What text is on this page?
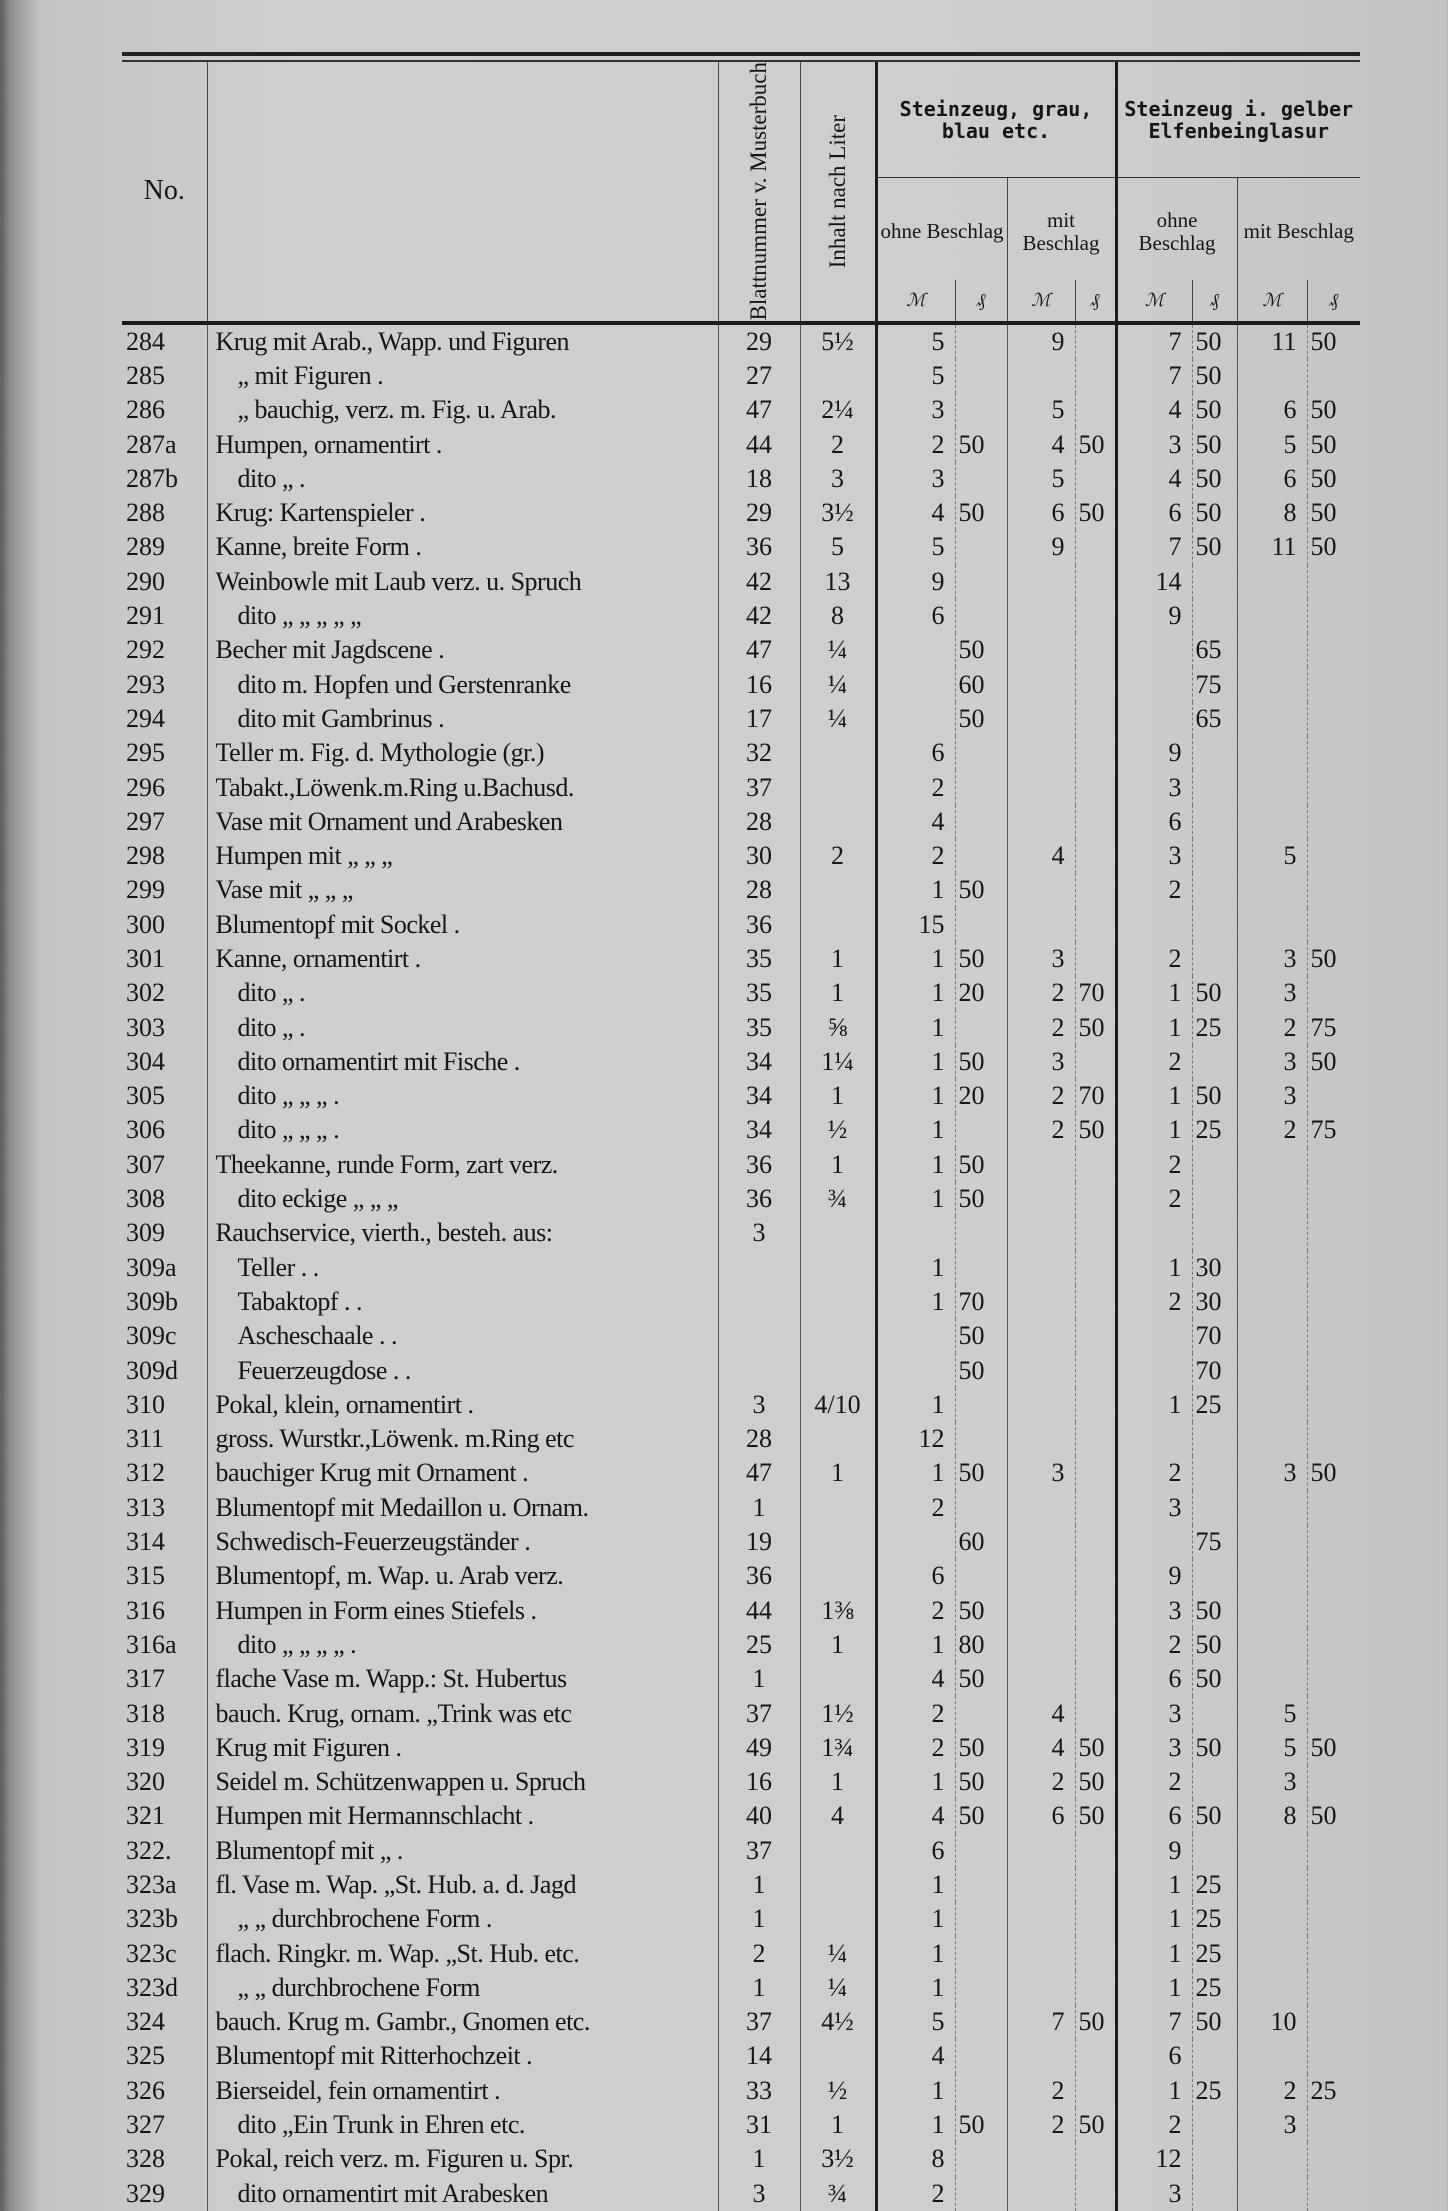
No.		Blattnummer v. Musterbuch	Inhalt nach Liter	Steinzeug, grau, blau etc.				Steinzeug i. gelber Elfenbeinglasur			
				ohne Beschlag		mit Beschlag		ohne Beschlag		mit Beschlag	
				ℳ	₰	ℳ	₰	ℳ	₰	ℳ	₰
284	Krug mit Arab., Wapp. und Figuren	29	5½	5		9		7	50	11	50
285	„ mit Figuren .	27		5				7	50		
286	„ bauchig, verz. m. Fig. u. Arab.	47	2¼	3		5		4	50	6	50
287a	Humpen, ornamentirt .	44	2	2	50	4	50	3	50	5	50
287b	dito „ .	18	3	3		5		4	50	6	50
288	Krug: Kartenspieler .	29	3½	4	50	6	50	6	50	8	50
289	Kanne, breite Form .	36	5	5		9		7	50	11	50
290	Weinbowle mit Laub verz. u. Spruch	42	13	9				14			
291	dito „ „ „ „ „	42	8	6				9			
292	Becher mit Jagdscene .	47	¼		50				65		
293	dito m. Hopfen und Gerstenranke	16	¼		60				75		
294	dito mit Gambrinus .	17	¼		50				65		
295	Teller m. Fig. d. Mythologie (gr.)	32		6				9			
296	Tabakt.,Löwenk.m.Ring u.Bachusd.	37		2				3			
297	Vase mit Ornament und Arabesken	28		4				6			
298	Humpen mit „ „ „	30	2	2		4		3		5	
299	Vase mit „ „ „	28		1	50			2			
300	Blumentopf mit Sockel .	36		15							
301	Kanne, ornamentirt .	35	1	1	50	3		2		3	50
302	dito „ .	35	1	1	20	2	70	1	50	3	
303	dito „ .	35	⅝	1		2	50	1	25	2	75
304	dito ornamentirt mit Fische .	34	1¼	1	50	3		2		3	50
305	dito „ „ „ .	34	1	1	20	2	70	1	50	3	
306	dito „ „ „ .	34	½	1		2	50	1	25	2	75
307	Theekanne, runde Form, zart verz.	36	1	1	50			2			
308	dito eckige „ „ „	36	¾	1	50			2			
309	Rauchservice, vierth., besteh. aus:	3									
309a	Teller . .			1				1	30		
309b	Tabaktopf . .			1	70			2	30		
309c	Ascheschaale . .				50				70		
309d	Feuerzeugdose . .				50				70		
310	Pokal, klein, ornamentirt .	3	4/10	1				1	25		
311	gross. Wurstkr.,Löwenk. m.Ring etc	28		12							
312	bauchiger Krug mit Ornament .	47	1	1	50	3		2		3	50
313	Blumentopf mit Medaillon u. Ornam.	1		2				3			
314	Schwedisch-Feuerzeugständer .	19			60				75		
315	Blumentopf, m. Wap. u. Arab verz.	36		6				9			
316	Humpen in Form eines Stiefels .	44	1⅜	2	50			3	50		
316a	dito „ „ „ „ .	25	1	1	80			2	50		
317	flache Vase m. Wapp.: St. Hubertus	1		4	50			6	50		
318	bauch. Krug, ornam. „Trink was etc	37	1½	2		4		3		5	
319	Krug mit Figuren .	49	1¾	2	50	4	50	3	50	5	50
320	Seidel m. Schützenwappen u. Spruch	16	1	1	50	2	50	2		3	
321	Humpen mit Hermannschlacht .	40	4	4	50	6	50	6	50	8	50
322.	Blumentopf mit „ .	37		6				9			
323a	fl. Vase m. Wap. „St. Hub. a. d. Jagd	1		1				1	25		
323b	„ „ durchbrochene Form .	1		1				1	25		
323c	flach. Ringkr. m. Wap. „St. Hub. etc.	2	¼	1				1	25		
323d	„ „ durchbrochene Form	1	¼	1				1	25		
324	bauch. Krug m. Gambr., Gnomen etc.	37	4½	5		7	50	7	50	10	
325	Blumentopf mit Ritterhochzeit .	14		4				6			
326	Bierseidel, fein ornamentirt .	33	½	1		2		1	25	2	25
327	dito „Ein Trunk in Ehren etc.	31	1	1	50	2	50	2		3	
328	Pokal, reich verz. m. Figuren u. Spr.	1	3½	8				12			
329	dito ornamentirt mit Arabesken	3	¾	2				3			
